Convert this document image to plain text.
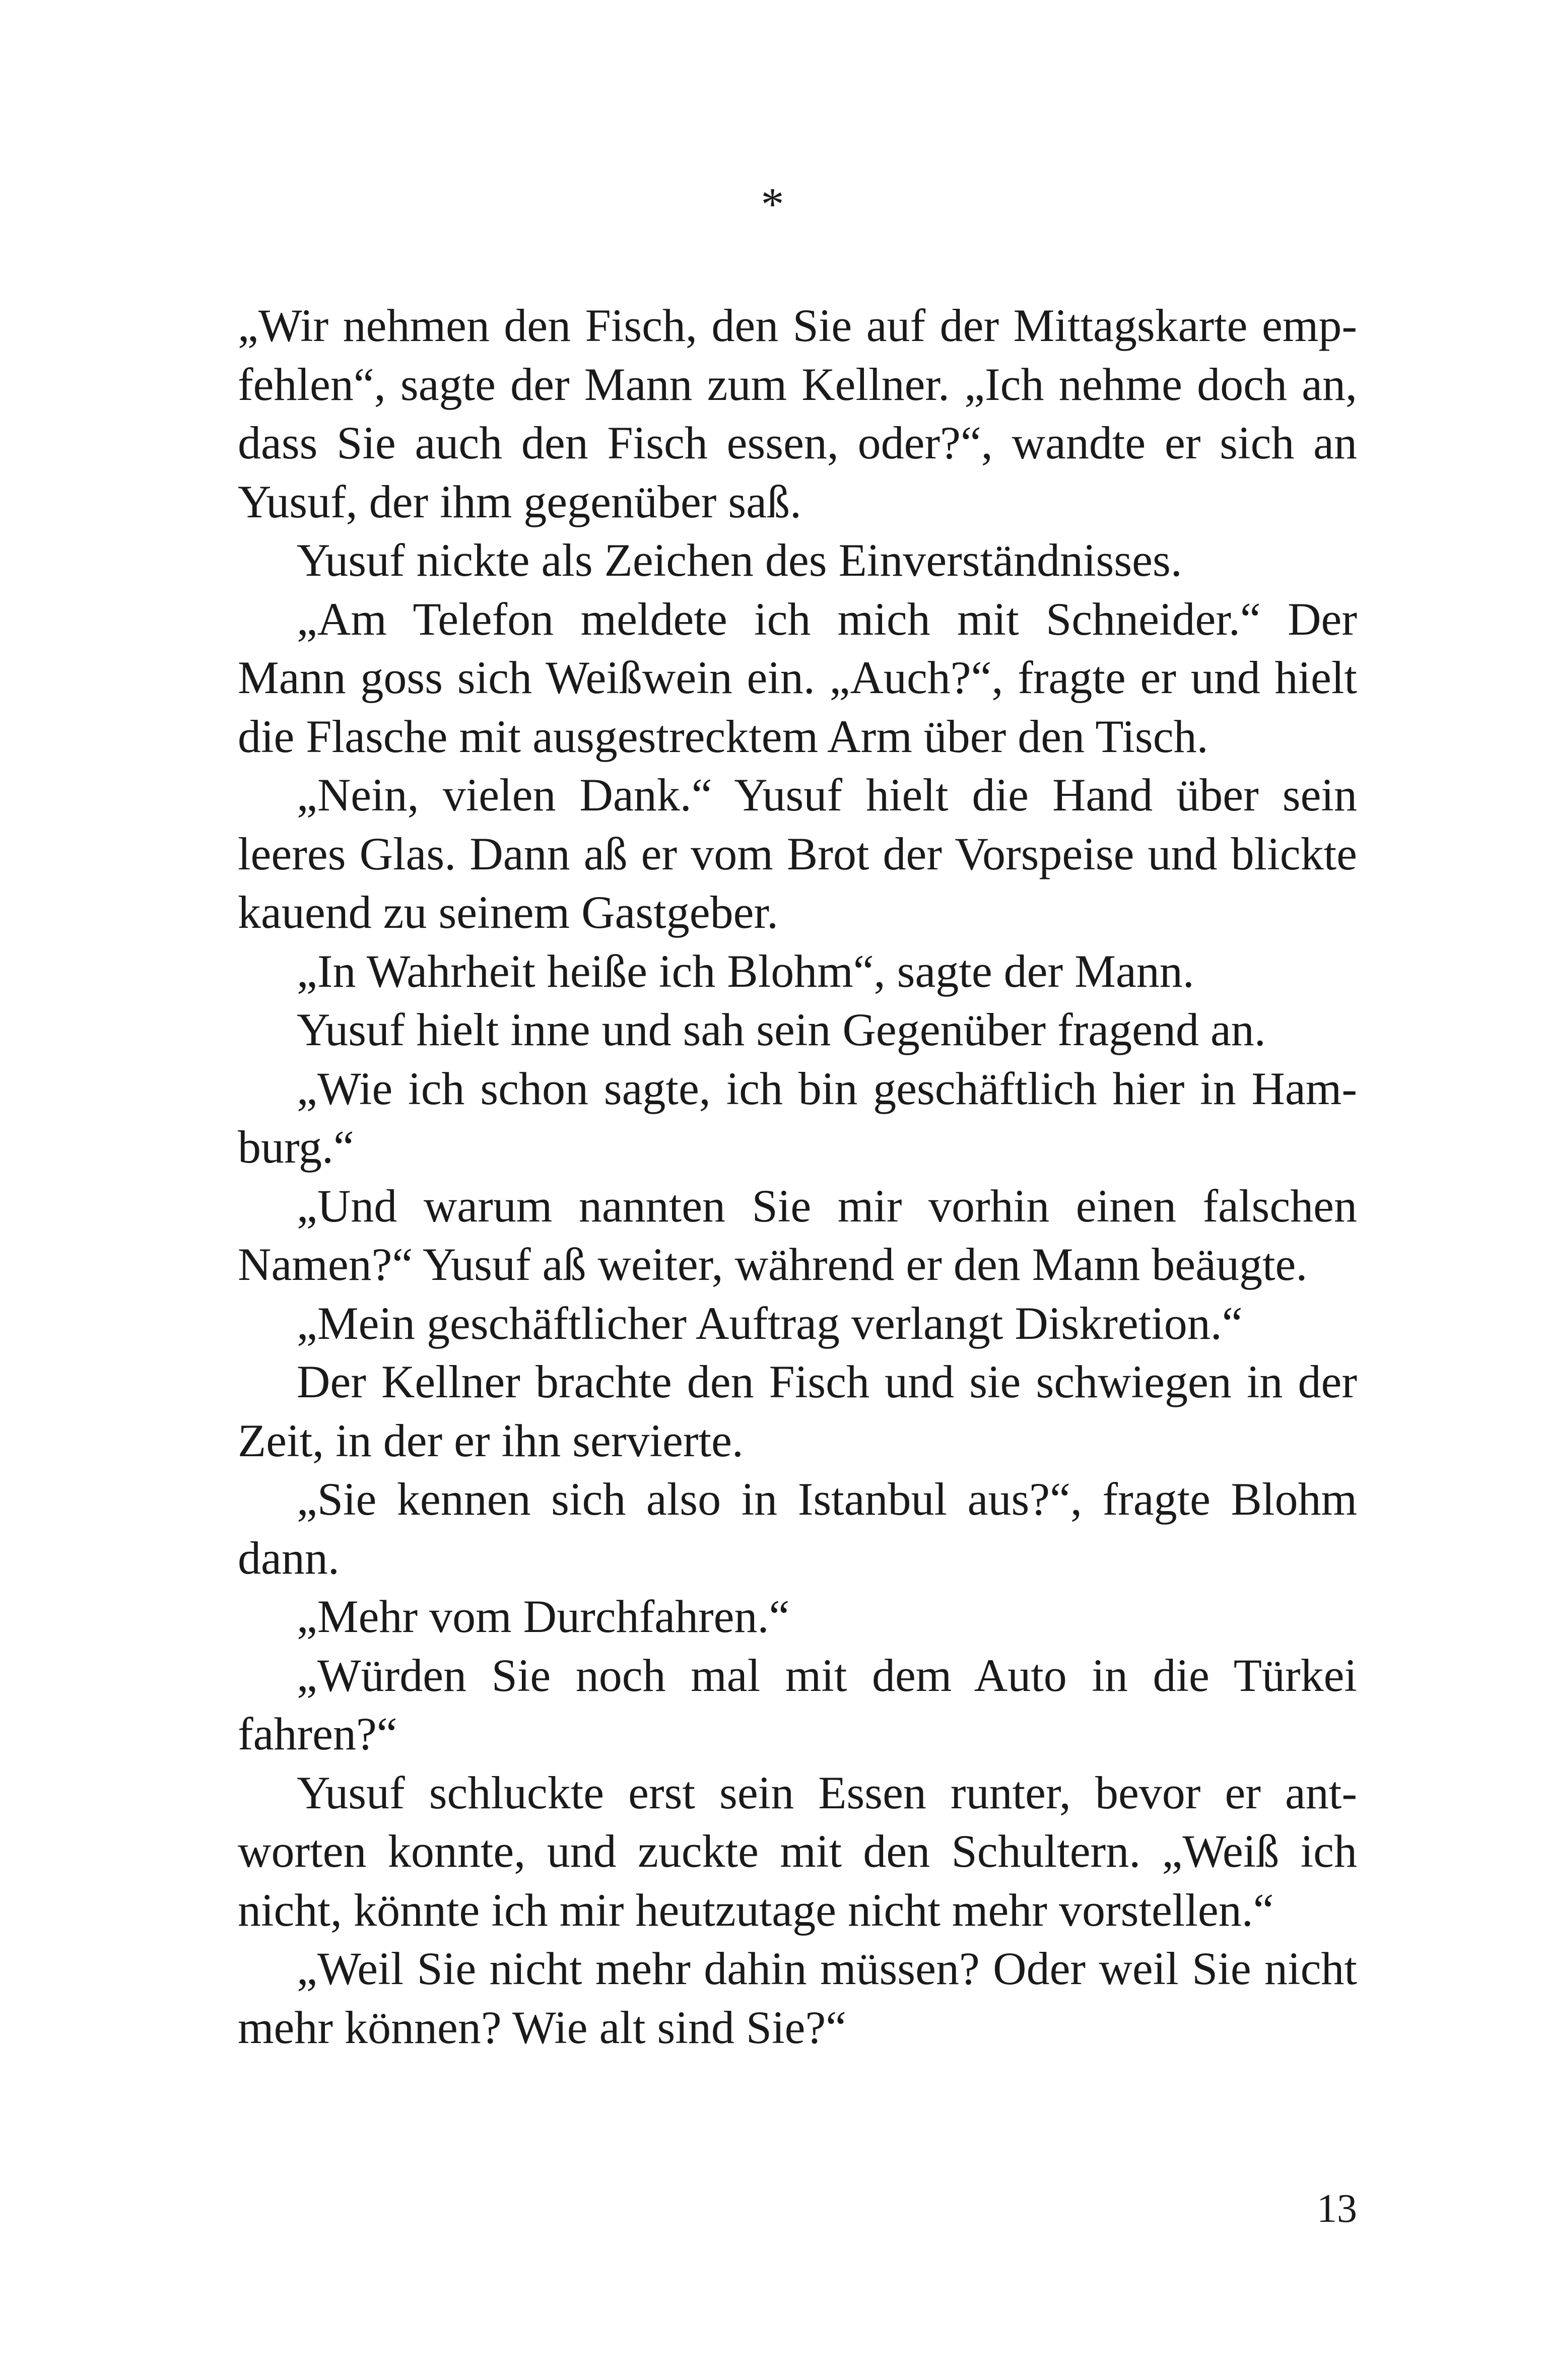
*

„Wir nehmen den Fisch, den Sie auf der Mittagskarte empfehlen“, sagte der Mann zum Kellner. „Ich nehme doch an, dass Sie auch den Fisch essen, oder?“, wandte er sich an Yusuf, der ihm gegenüber saß.

Yusuf nickte als Zeichen des Einverständnisses.

„Am Telefon meldete ich mich mit Schneider.“ Der Mann goss sich Weißwein ein. „Auch?“, fragte er und hielt die Flasche mit ausgestrecktem Arm über den Tisch.

„Nein, vielen Dank.“ Yusuf hielt die Hand über sein leeres Glas. Dann aß er vom Brot der Vorspeise und blickte kauend zu seinem Gastgeber.

„In Wahrheit heiße ich Blohm“, sagte der Mann.

Yusuf hielt inne und sah sein Gegenüber fragend an.

„Wie ich schon sagte, ich bin geschäftlich hier in Hamburg.“

„Und warum nannten Sie mir vorhin einen falschen Namen?“ Yusuf aß weiter, während er den Mann beäugte.

„Mein geschäftlicher Auftrag verlangt Diskretion.“

Der Kellner brachte den Fisch und sie schwiegen in der Zeit, in der er ihn servierte.

„Sie kennen sich also in Istanbul aus?“, fragte Blohm dann.

„Mehr vom Durchfahren.“

„Würden Sie noch mal mit dem Auto in die Türkei fahren?“

Yusuf schluckte erst sein Essen runter, bevor er antworten konnte, und zuckte mit den Schultern. „Weiß ich nicht, könnte ich mir heutzutage nicht mehr vorstellen.“

„Weil Sie nicht mehr dahin müssen? Oder weil Sie nicht mehr können? Wie alt sind Sie?“

13
